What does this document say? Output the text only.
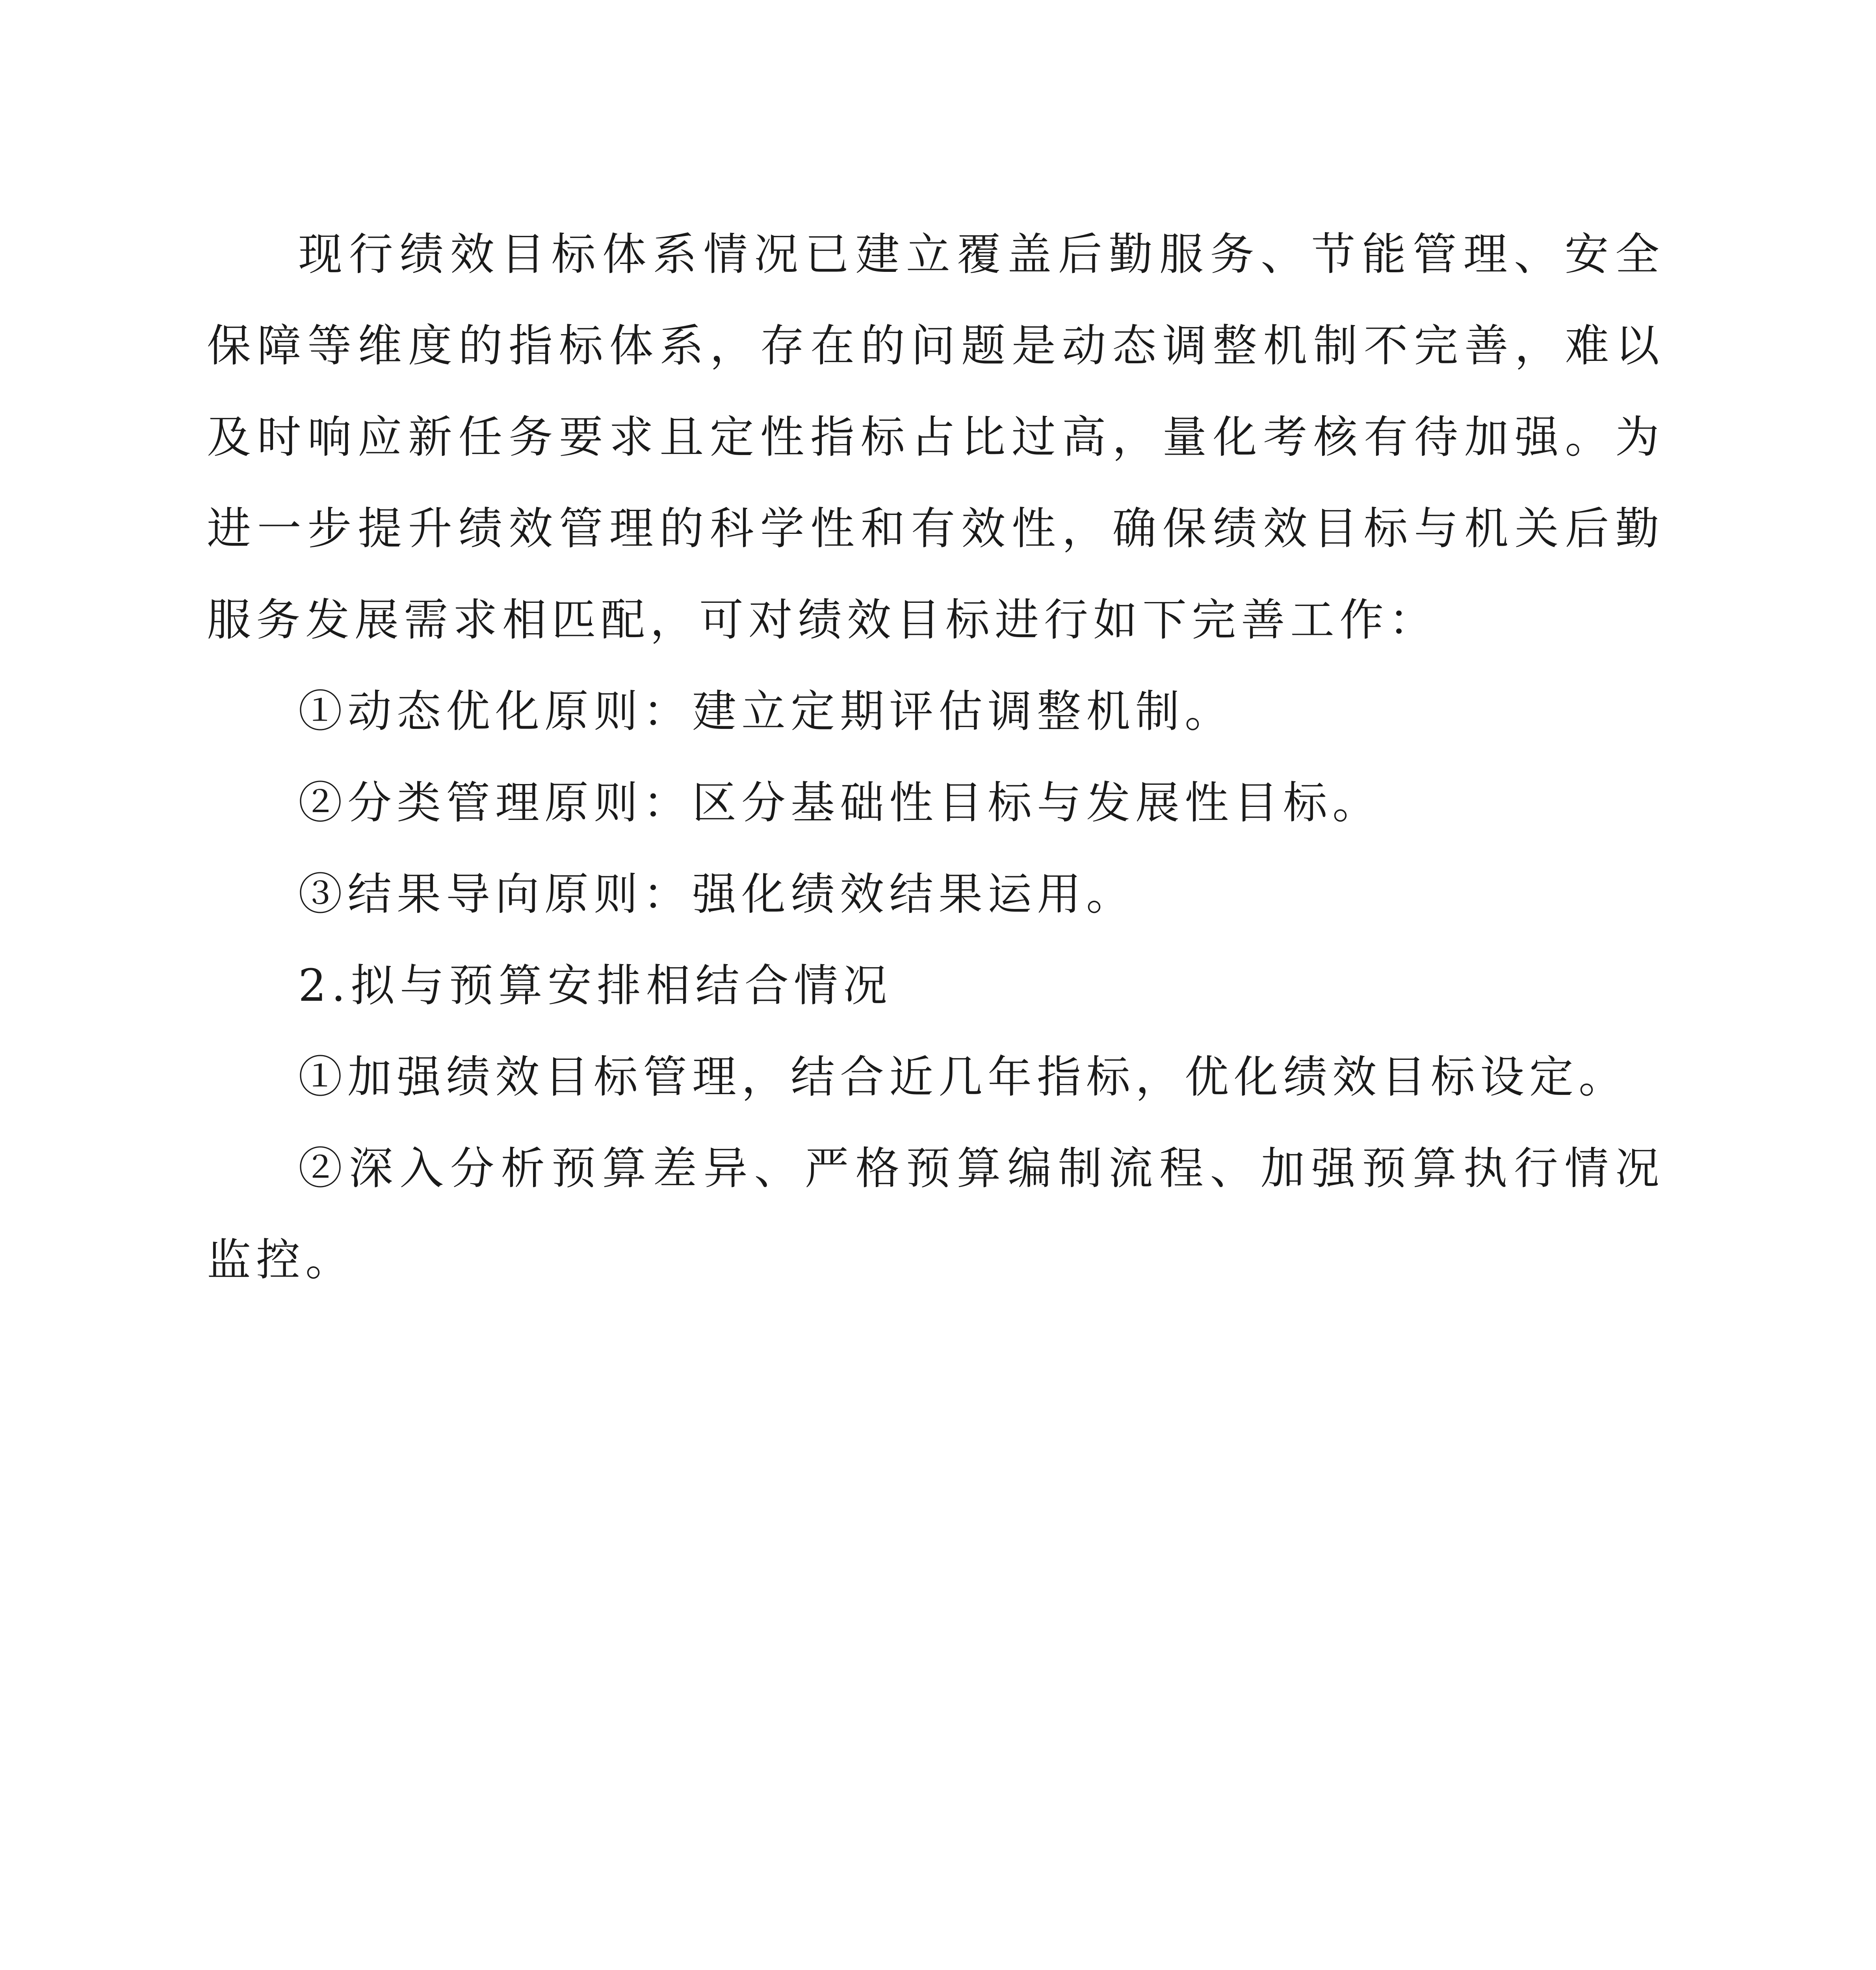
现行绩效目标体系情况已建立覆盖后勤服务、节能管理、安全保障等维度的指标体系，存在的问题是动态调整机制不完善，难以及时响应新任务要求且定性指标占比过高，量化考核有待加强。为进一步提升绩效管理的科学性和有效性，确保绩效目标与机关后勤服务发展需求相匹配，可对绩效目标进行如下完善工作：

①动态优化原则：建立定期评估调整机制。

②分类管理原则：区分基础性目标与发展性目标。

③结果导向原则：强化绩效结果运用。

2.拟与预算安排相结合情况

①加强绩效目标管理，结合近几年指标，优化绩效目标设定。

②深入分析预算差异、严格预算编制流程、加强预算执行情况监控。
